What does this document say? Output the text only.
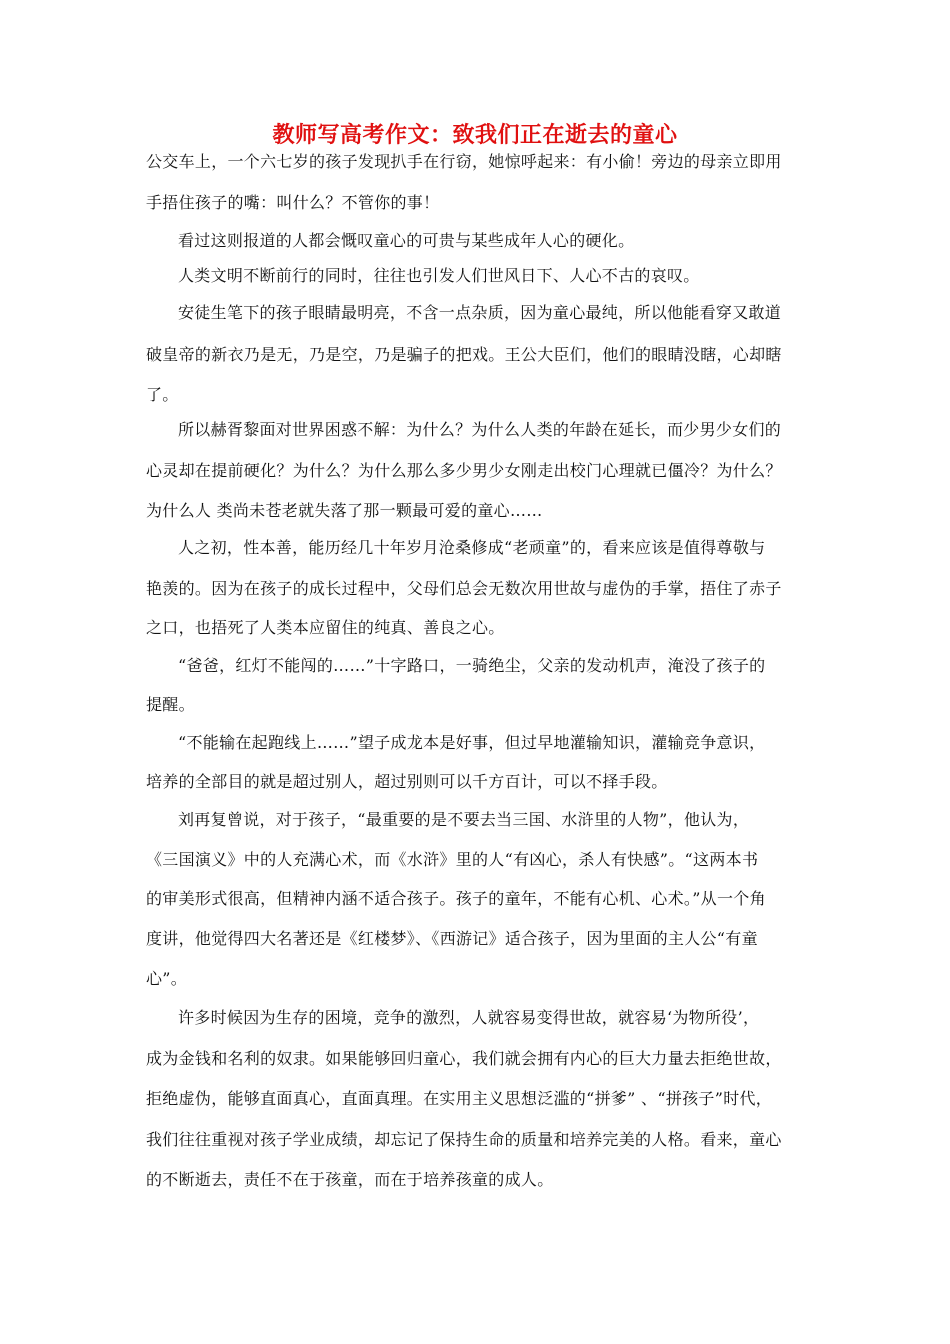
教师写高考作文：致我们正在逝去的童心
公交车上，一个六七岁的孩子发现扒手在行窃，她惊呼起来：有小偷！旁边的母亲立即用
手捂住孩子的嘴：叫什么？不管你的事！
看过这则报道的人都会慨叹童心的可贵与某些成年人心的硬化。
人类文明不断前行的同时，往往也引发人们世风日下、人心不古的哀叹。
安徒生笔下的孩子眼睛最明亮，不含一点杂质，因为童心最纯，所以他能看穿又敢道
破皇帝的新衣乃是无，乃是空，乃是骗子的把戏。王公大臣们，他们的眼睛没瞎，心却瞎
了。
所以赫胥黎面对世界困惑不解：为什么？为什么人类的年龄在延长，而少男少女们的
心灵却在提前硬化？为什么？为什么那么多少男少女刚走出校门心理就已僵冷？为什么？
为什么人 类尚未苍老就失落了那一颗最可爱的童心……
人之初，性本善，能历经几十年岁月沧桑修成“老顽童”的，看来应该是值得尊敬与
艳羡的。因为在孩子的成长过程中，父母们总会无数次用世故与虚伪的手掌，捂住了赤子
之口，也捂死了人类本应留住的纯真、善良之心。
“爸爸，红灯不能闯的……”十字路口，一骑绝尘，父亲的发动机声，淹没了孩子的
提醒。
“不能输在起跑线上……”望子成龙本是好事，但过早地灌输知识，灌输竞争意识，
培养的全部目的就是超过别人，超过别则可以千方百计，可以不择手段。
刘再复曾说，对于孩子，“最重要的是不要去当三国、水浒里的人物”，他认为，
《三国演义》中的人充满心术，而《水浒》里的人“有凶心，杀人有快感”。“这两本书
的审美形式很高，但精神内涵不适合孩子。孩子的童年，不能有心机、心术。”从一个角
度讲，他觉得四大名著还是《红楼梦》、《西游记》适合孩子，因为里面的主人公“有童
心”。
许多时候因为生存的困境，竞争的激烈，人就容易变得世故，就容易‘为物所役’，
成为金钱和名利的奴隶。如果能够回归童心，我们就会拥有内心的巨大力量去拒绝世故，
拒绝虚伪，能够直面真心，直面真理。在实用主义思想泛滥的“拼爹” 、“拼孩子”时代，
我们往往重视对孩子学业成绩，却忘记了保持生命的质量和培养完美的人格。看来，童心
的不断逝去，责任不在于孩童，而在于培养孩童的成人。
